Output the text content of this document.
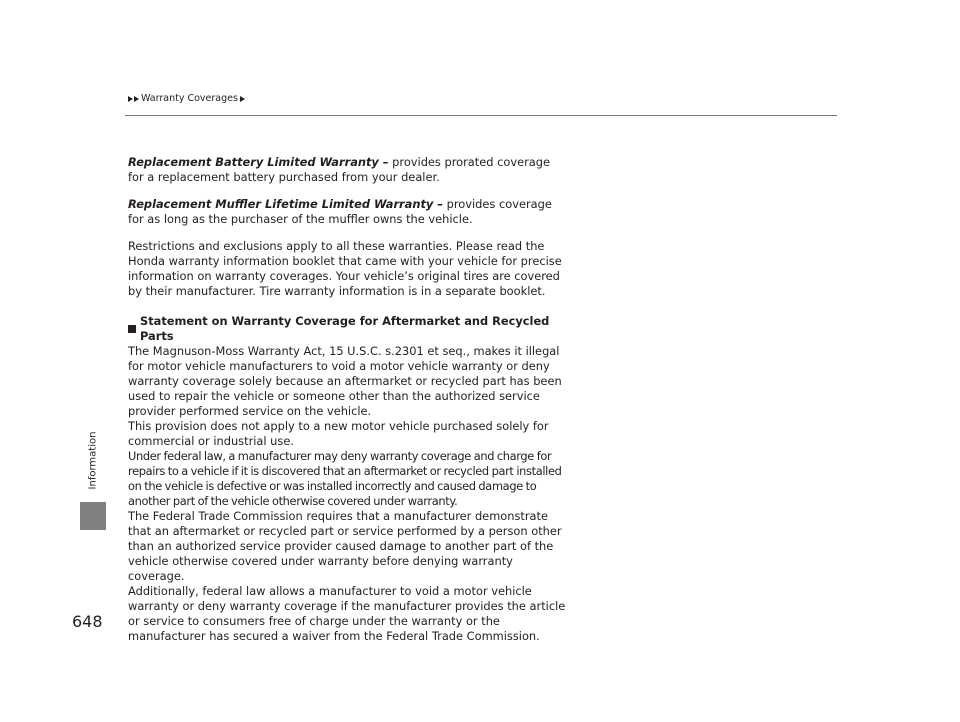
Warranty Coverages
Information
648

Replacement Battery Limited Warranty – provides prorated coverage for a replacement battery purchased from your dealer.

Replacement Muffler Lifetime Limited Warranty – provides coverage for as long as the purchaser of the muffler owns the vehicle.

Restrictions and exclusions apply to all these warranties. Please read the Honda warranty information booklet that came with your vehicle for precise information on warranty coverages. Your vehicle’s original tires are covered by their manufacturer. Tire warranty information is in a separate booklet.

Statement on Warranty Coverage for Aftermarket and Recycled Parts

The Magnuson-Moss Warranty Act, 15 U.S.C. s.2301 et seq., makes it illegal for motor vehicle manufacturers to void a motor vehicle warranty or deny warranty coverage solely because an aftermarket or recycled part has been used to repair the vehicle or someone other than the authorized service provider performed service on the vehicle.

This provision does not apply to a new motor vehicle purchased solely for commercial or industrial use.

Under federal law, a manufacturer may deny warranty coverage and charge for repairs to a vehicle if it is discovered that an aftermarket or recycled part installed on the vehicle is defective or was installed incorrectly and caused damage to another part of the vehicle otherwise covered under warranty.

The Federal Trade Commission requires that a manufacturer demonstrate that an aftermarket or recycled part or service performed by a person other than an authorized service provider caused damage to another part of the vehicle otherwise covered under warranty before denying warranty coverage.

Additionally, federal law allows a manufacturer to void a motor vehicle warranty or deny warranty coverage if the manufacturer provides the article or service to consumers free of charge under the warranty or the manufacturer has secured a waiver from the Federal Trade Commission.
